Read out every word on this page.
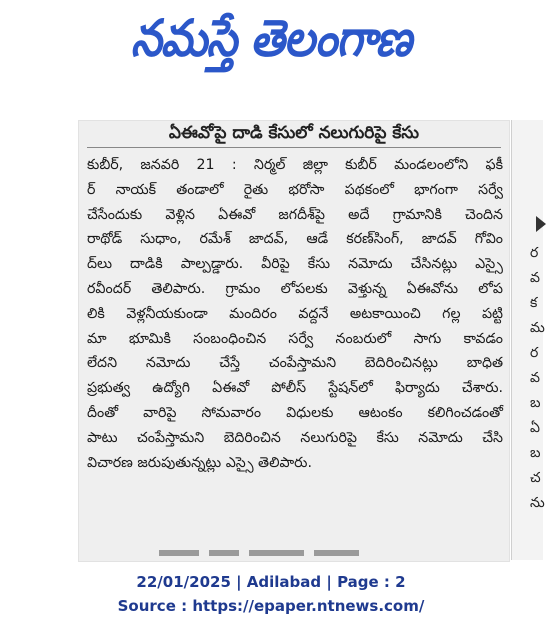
నమస్తే తెలంగాణ
ఏఈవోపై దాడి కేసులో నలుగురిపై కేసు
కుబీర్, జనవరి 21 : నిర్మల్ జిల్లా కుబీర్ మండలంలోని ఫకీ
ర్ నాయక్ తండాలో రైతు భరోసా పథకంలో భాగంగా సర్వే
చేసేందుకు వెళ్లిన ఏఈవో జగదీశ్‌పై అదే గ్రామానికి చెందిన
రాథోడ్ సుధాం, రమేశ్ జాదవ్, ఆడే కరణ్‌సింగ్, జాదవ్ గోవిం
ద్‌లు దాడికి పాల్పడ్డారు. వీరిపై కేసు నమోదు చేసినట్లు ఎస్సై
రవీందర్ తెలిపారు. గ్రామం లోపలకు వెళ్తున్న ఏఈవోను లోప
లికి వెళ్లనీయకుండా మందిరం వద్దనే అటకాయించి గల్ల పట్టి
మా భూమికి సంబంధించిన సర్వే నంబరులో సాగు కావడం
లేదని నమోదు చేస్తే చంపేస్తామని బెదిరించినట్లు బాధిత
ప్రభుత్వ ఉద్యోగి ఏఈవో పోలీస్ స్టేషన్‌లో ఫిర్యాదు చేశారు.
దీంతో వారిపై సోమవారం విధులకు ఆటంకం కలిగించడంతో
పాటు చంపేస్తామని బెదిరించిన నలుగురిపై కేసు నమోదు చేసి
విచారణ జరుపుతున్నట్లు ఎస్సై తెలిపారు.
ర
వ
క
మ
ర
వ
బ
ఏ
బ
చ
ను
22/01/2025 | Adilabad | Page : 2
Source : https://epaper.ntnews.com/
